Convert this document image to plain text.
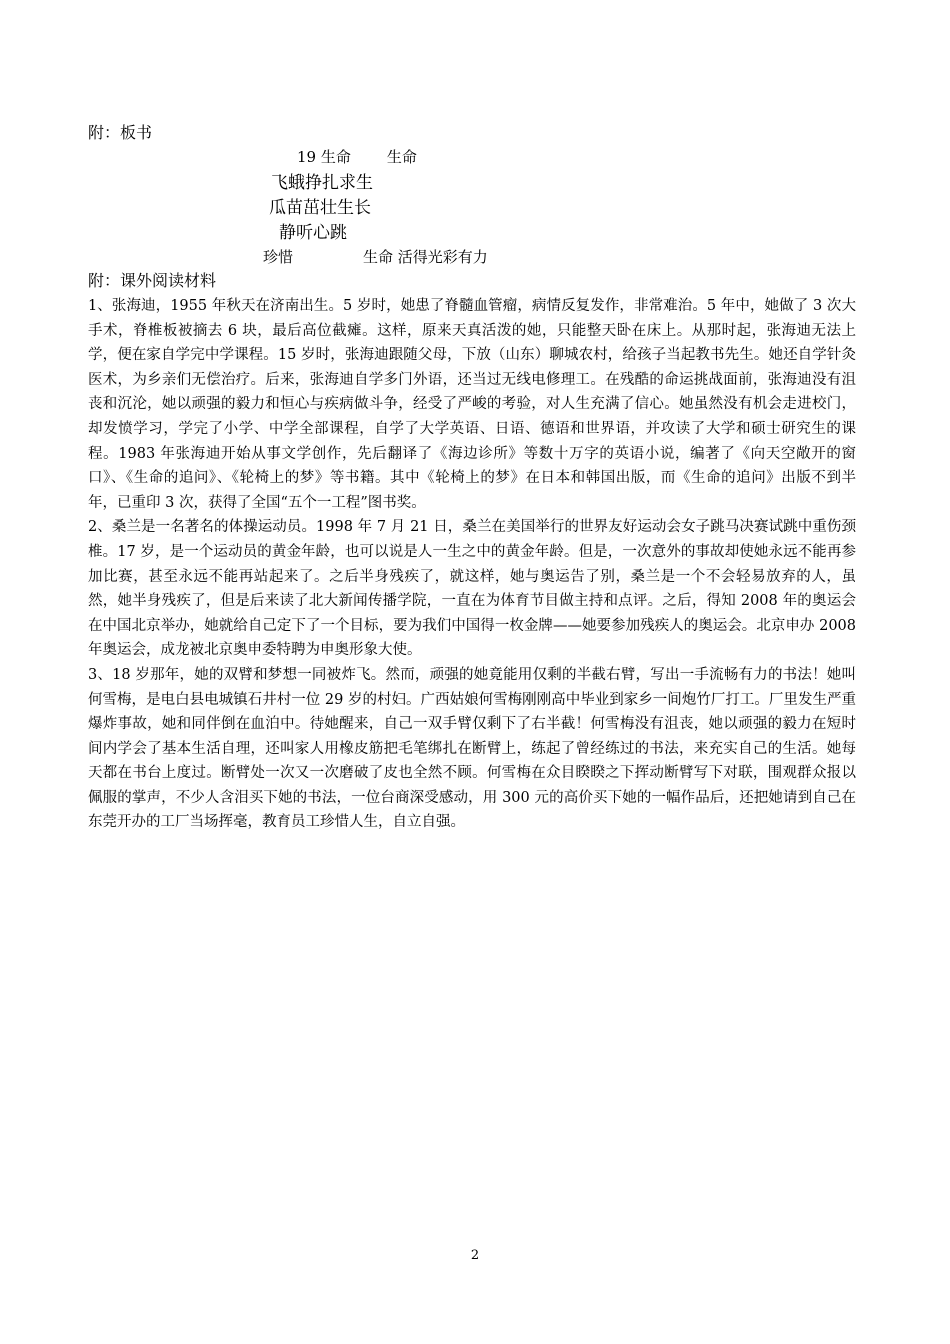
附：板书
19 生命 生命
飞蛾挣扎求生
瓜苗茁壮生长
静听心跳
珍惜	生命 活得光彩有力
附：课外阅读材料

1、张海迪，1955 年秋天在济南出生。5 岁时，她患了脊髓血管瘤，病情反复发作，非常难治。5 年中，她做了 3 次大手术，脊椎板被摘去 6 块，最后高位截瘫。这样，原来天真活泼的她，只能整天卧在床上。从那时起，张海迪无法上学，便在家自学完中学课程。15 岁时，张海迪跟随父母，下放（山东）聊城农村，给孩子当起教书先生。她还自学针灸医术，为乡亲们无偿治疗。后来，张海迪自学多门外语，还当过无线电修理工。在残酷的命运挑战面前，张海迪没有沮丧和沉沦，她以顽强的毅力和恒心与疾病做斗争，经受了严峻的考验，对人生充满了信心。她虽然没有机会走进校门，却发愤学习，学完了小学、中学全部课程，自学了大学英语、日语、德语和世界语，并攻读了大学和硕士研究生的课程。1983 年张海迪开始从事文学创作，先后翻译了《海边诊所》等数十万字的英语小说，编著了《向天空敞开的窗口》、《生命的追问》、《轮椅上的梦》等书籍。其中《轮椅上的梦》在日本和韩国出版，而《生命的追问》出版不到半年，已重印 3 次，获得了全国“五个一工程”图书奖。

2、桑兰是一名著名的体操运动员。1998 年 7 月 21 日，桑兰在美国举行的世界友好运动会女子跳马决赛试跳中重伤颈椎。17 岁，是一个运动员的黄金年龄，也可以说是人一生之中的黄金年龄。但是，一次意外的事故却使她永远不能再参加比赛，甚至永远不能再站起来了。之后半身残疾了，就这样，她与奥运告了别，桑兰是一个不会轻易放弃的人，虽然，她半身残疾了，但是后来读了北大新闻传播学院，一直在为体育节目做主持和点评。之后，得知 2008 年的奥运会在中国北京举办，她就给自己定下了一个目标，要为我们中国得一枚金牌——她要参加残疾人的奥运会。北京申办 2008 年奥运会，成龙被北京奥申委特聘为申奥形象大使。

3、18 岁那年，她的双臂和梦想一同被炸飞。然而，顽强的她竟能用仅剩的半截右臂，写出一手流畅有力的书法！她叫何雪梅，是电白县电城镇石井村一位 29 岁的村妇。广西姑娘何雪梅刚刚高中毕业到家乡一间炮竹厂打工。厂里发生严重爆炸事故，她和同伴倒在血泊中。待她醒来，自己一双手臂仅剩下了右半截！何雪梅没有沮丧，她以顽强的毅力在短时间内学会了基本生活自理，还叫家人用橡皮筋把毛笔绑扎在断臂上，练起了曾经练过的书法，来充实自己的生活。她每天都在书台上度过。断臂处一次又一次磨破了皮也全然不顾。何雪梅在众目睽睽之下挥动断臂写下对联，围观群众报以佩服的掌声，不少人含泪买下她的书法，一位台商深受感动，用 300 元的高价买下她的一幅作品后，还把她请到自己在东莞开办的工厂当场挥毫，教育员工珍惜人生，自立自强。

2
